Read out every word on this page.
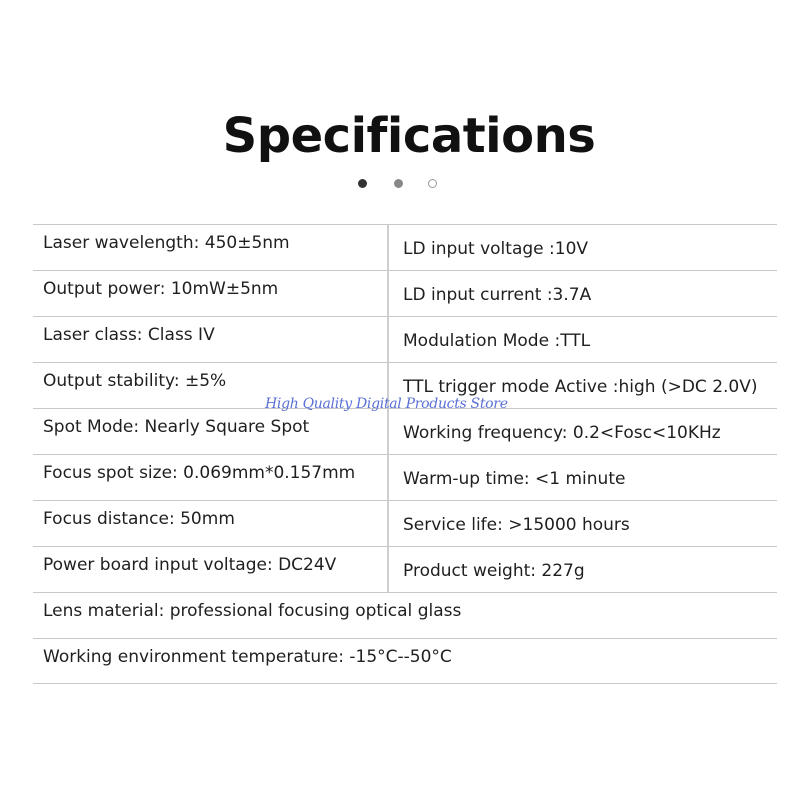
Specifications
Laser wavelength: 450±5nm	LD input voltage :10V
Output power: 10mW±5nm	LD input current :3.7A
Laser class: Class IV	Modulation Mode :TTL
Output stability: ±5%	TTL trigger mode Active :high (>DC 2.0V)
Spot Mode: Nearly Square Spot	Working frequency: 0.2<Fosc<10KHz
Focus spot size: 0.069mm*0.157mm	Warm-up time: <1 minute
Focus distance: 50mm	Service life: >15000 hours
Power board input voltage: DC24V	Product weight: 227g
Lens material: professional focusing optical glass
Working environment temperature: -15°C--50°C
High Quality Digital Products Store
